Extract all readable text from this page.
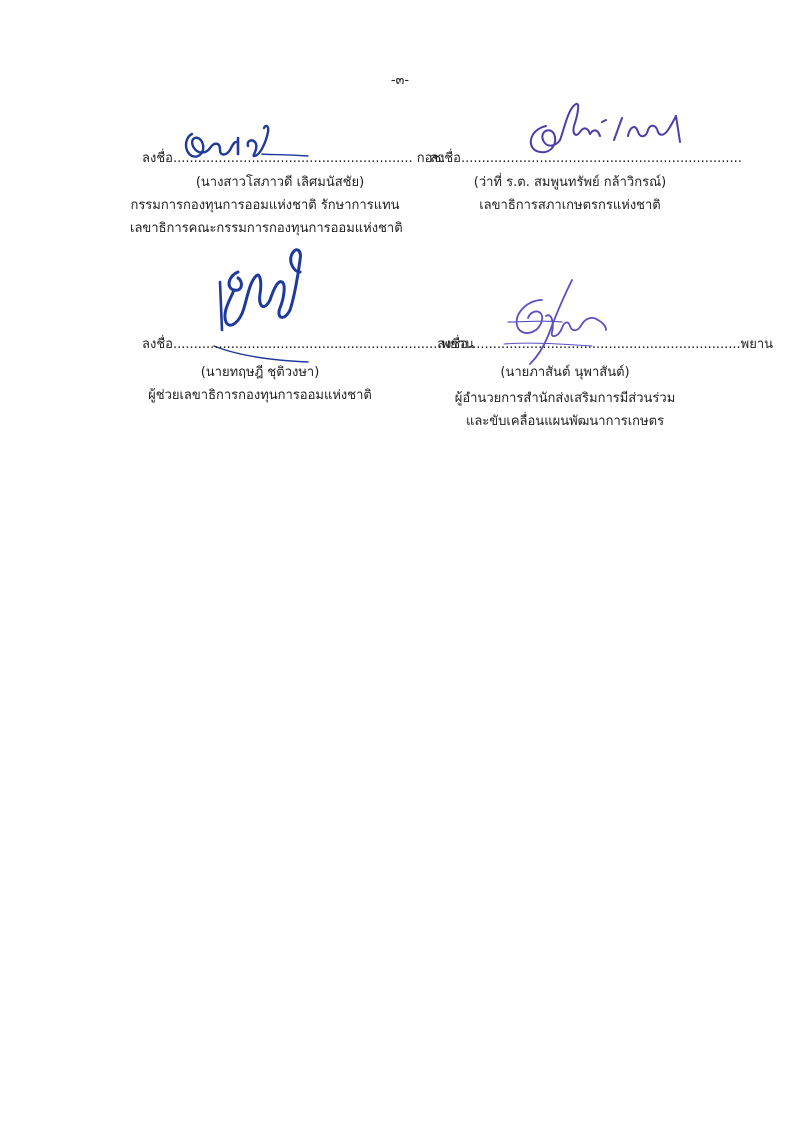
-๓-
ลงชื่อ.......................................................... กอช.
(นางสาวโสภาวดี เลิศมนัสชัย)
กรรมการกองทุนการออมแห่งชาติ รักษาการแทน
เลขาธิการคณะกรรมการกองทุนการออมแห่งชาติ
ลงชื่อ....................................................................
(ว่าที่ ร.ต. สมพูนทรัพย์ กล้าวิกรณ์)
เลขาธิการสภาเกษตรกรแห่งชาติ
ลงชื่อ.................................................................พยาน
(นายทฤษฎี ชุติวงษา)
ผู้ช่วยเลขาธิการกองทุนการออมแห่งชาติ
ลงชื่อ..................................................................พยาน
(นายภาสันต์ นุพาสันต์)
ผู้อำนวยการสำนักส่งเสริมการมีส่วนร่วม
และขับเคลื่อนแผนพัฒนาการเกษตร
